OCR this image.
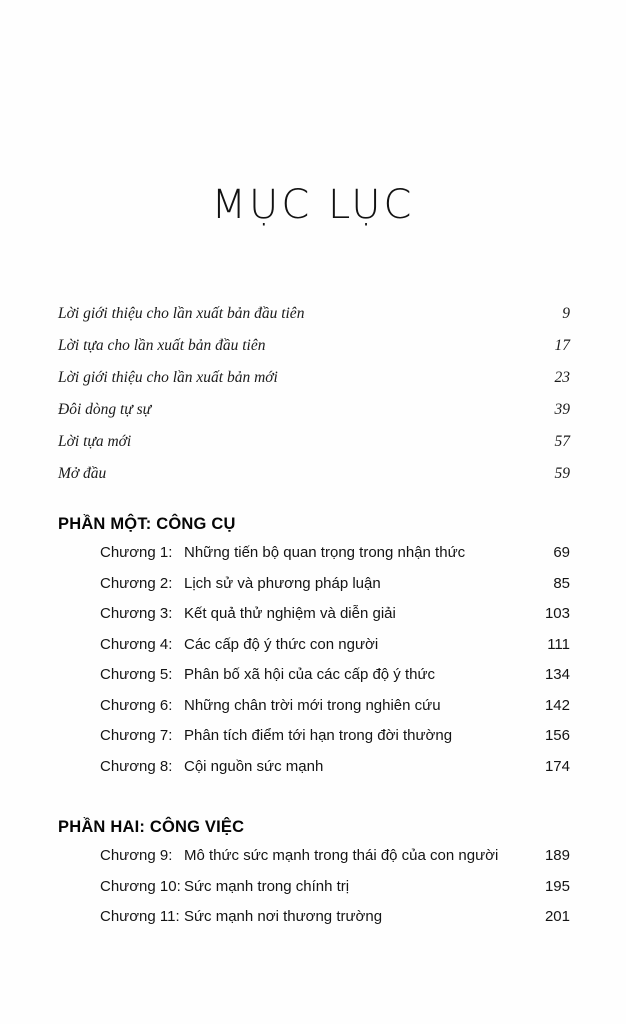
MỤC LỤC
Lời giới thiệu cho lần xuất bản đầu tiên	9
Lời tựa cho lần xuất bản đầu tiên	17
Lời giới thiệu cho lần xuất bản mới	23
Đôi dòng tự sự	39
Lời tựa mới	57
Mở đầu	59
PHẦN MỘT: CÔNG CỤ
Chương 1: Những tiến bộ quan trọng trong nhận thức	69
Chương 2: Lịch sử và phương pháp luận	85
Chương 3: Kết quả thử nghiệm và diễn giải	103
Chương 4: Các cấp độ ý thức con người	111
Chương 5: Phân bố xã hội của các cấp độ ý thức	134
Chương 6: Những chân trời mới trong nghiên cứu	142
Chương 7: Phân tích điểm tới hạn trong đời thường	156
Chương 8: Cội nguồn sức mạnh	174
PHẦN HAI: CÔNG VIỆC
Chương 9: Mô thức sức mạnh trong thái độ của con người	189
Chương 10: Sức mạnh trong chính trị	195
Chương 11: Sức mạnh nơi thương trường	201
